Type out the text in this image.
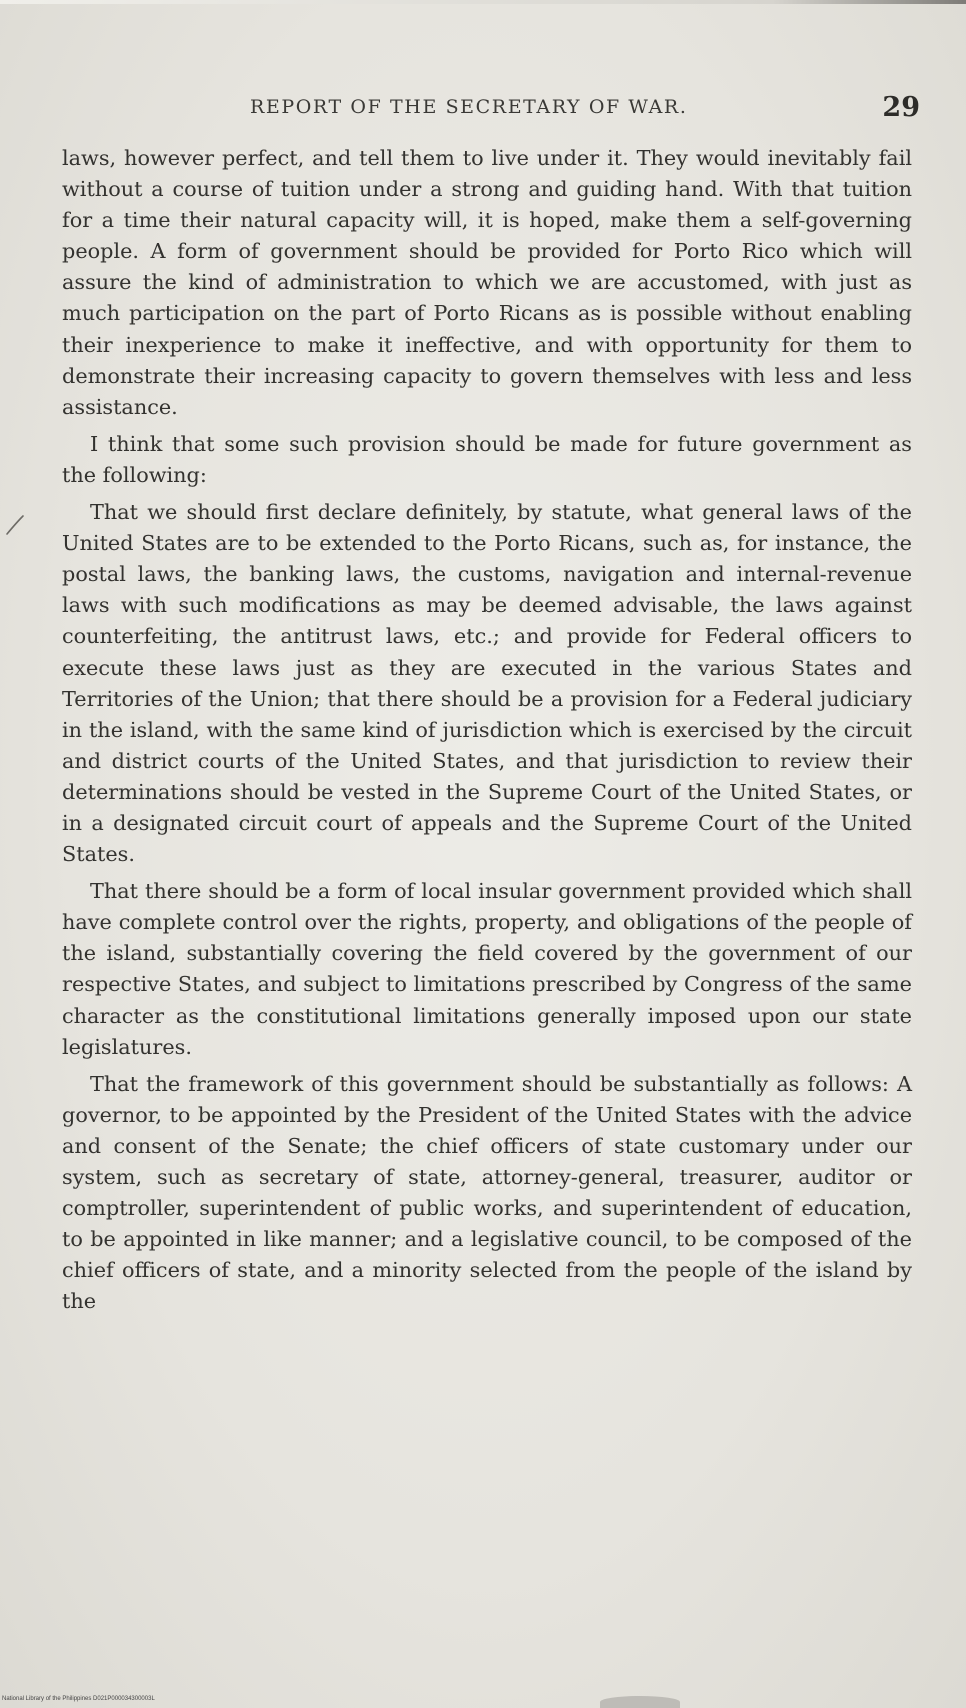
REPORT OF THE SECRETARY OF WAR.	29

laws, however perfect, and tell them to live under it. They would inevitably fail without a course of tuition under a strong and guiding hand. With that tuition for a time their natural capacity will, it is hoped, make them a self-governing people. A form of government should be provided for Porto Rico which will assure the kind of administration to which we are accustomed, with just as much participation on the part of Porto Ricans as is possible without enabling their inexperience to make it ineffective, and with opportunity for them to demonstrate their increasing capacity to govern themselves with less and less assistance.

I think that some such provision should be made for future government as the following:

That we should first declare definitely, by statute, what general laws of the United States are to be extended to the Porto Ricans, such as, for instance, the postal laws, the banking laws, the customs, navigation and internal-revenue laws with such modifications as may be deemed advisable, the laws against counterfeiting, the antitrust laws, etc.; and provide for Federal officers to execute these laws just as they are executed in the various States and Territories of the Union; that there should be a provision for a Federal judiciary in the island, with the same kind of jurisdiction which is exercised by the circuit and district courts of the United States, and that jurisdiction to review their determinations should be vested in the Supreme Court of the United States, or in a designated circuit court of appeals and the Supreme Court of the United States.

That there should be a form of local insular government provided which shall have complete control over the rights, property, and obligations of the people of the island, substantially covering the field covered by the government of our respective States, and subject to limitations prescribed by Congress of the same character as the constitutional limitations generally imposed upon our state legislatures.

That the framework of this government should be substantially as follows: A governor, to be appointed by the President of the United States with the advice and consent of the Senate; the chief officers of state customary under our system, such as secretary of state, attorney-general, treasurer, auditor or comptroller, superintendent of public works, and superintendent of education, to be appointed in like manner; and a legislative council, to be composed of the chief officers of state, and a minority selected from the people of the island by the

National Library of the Philippines D021P000034300003L
